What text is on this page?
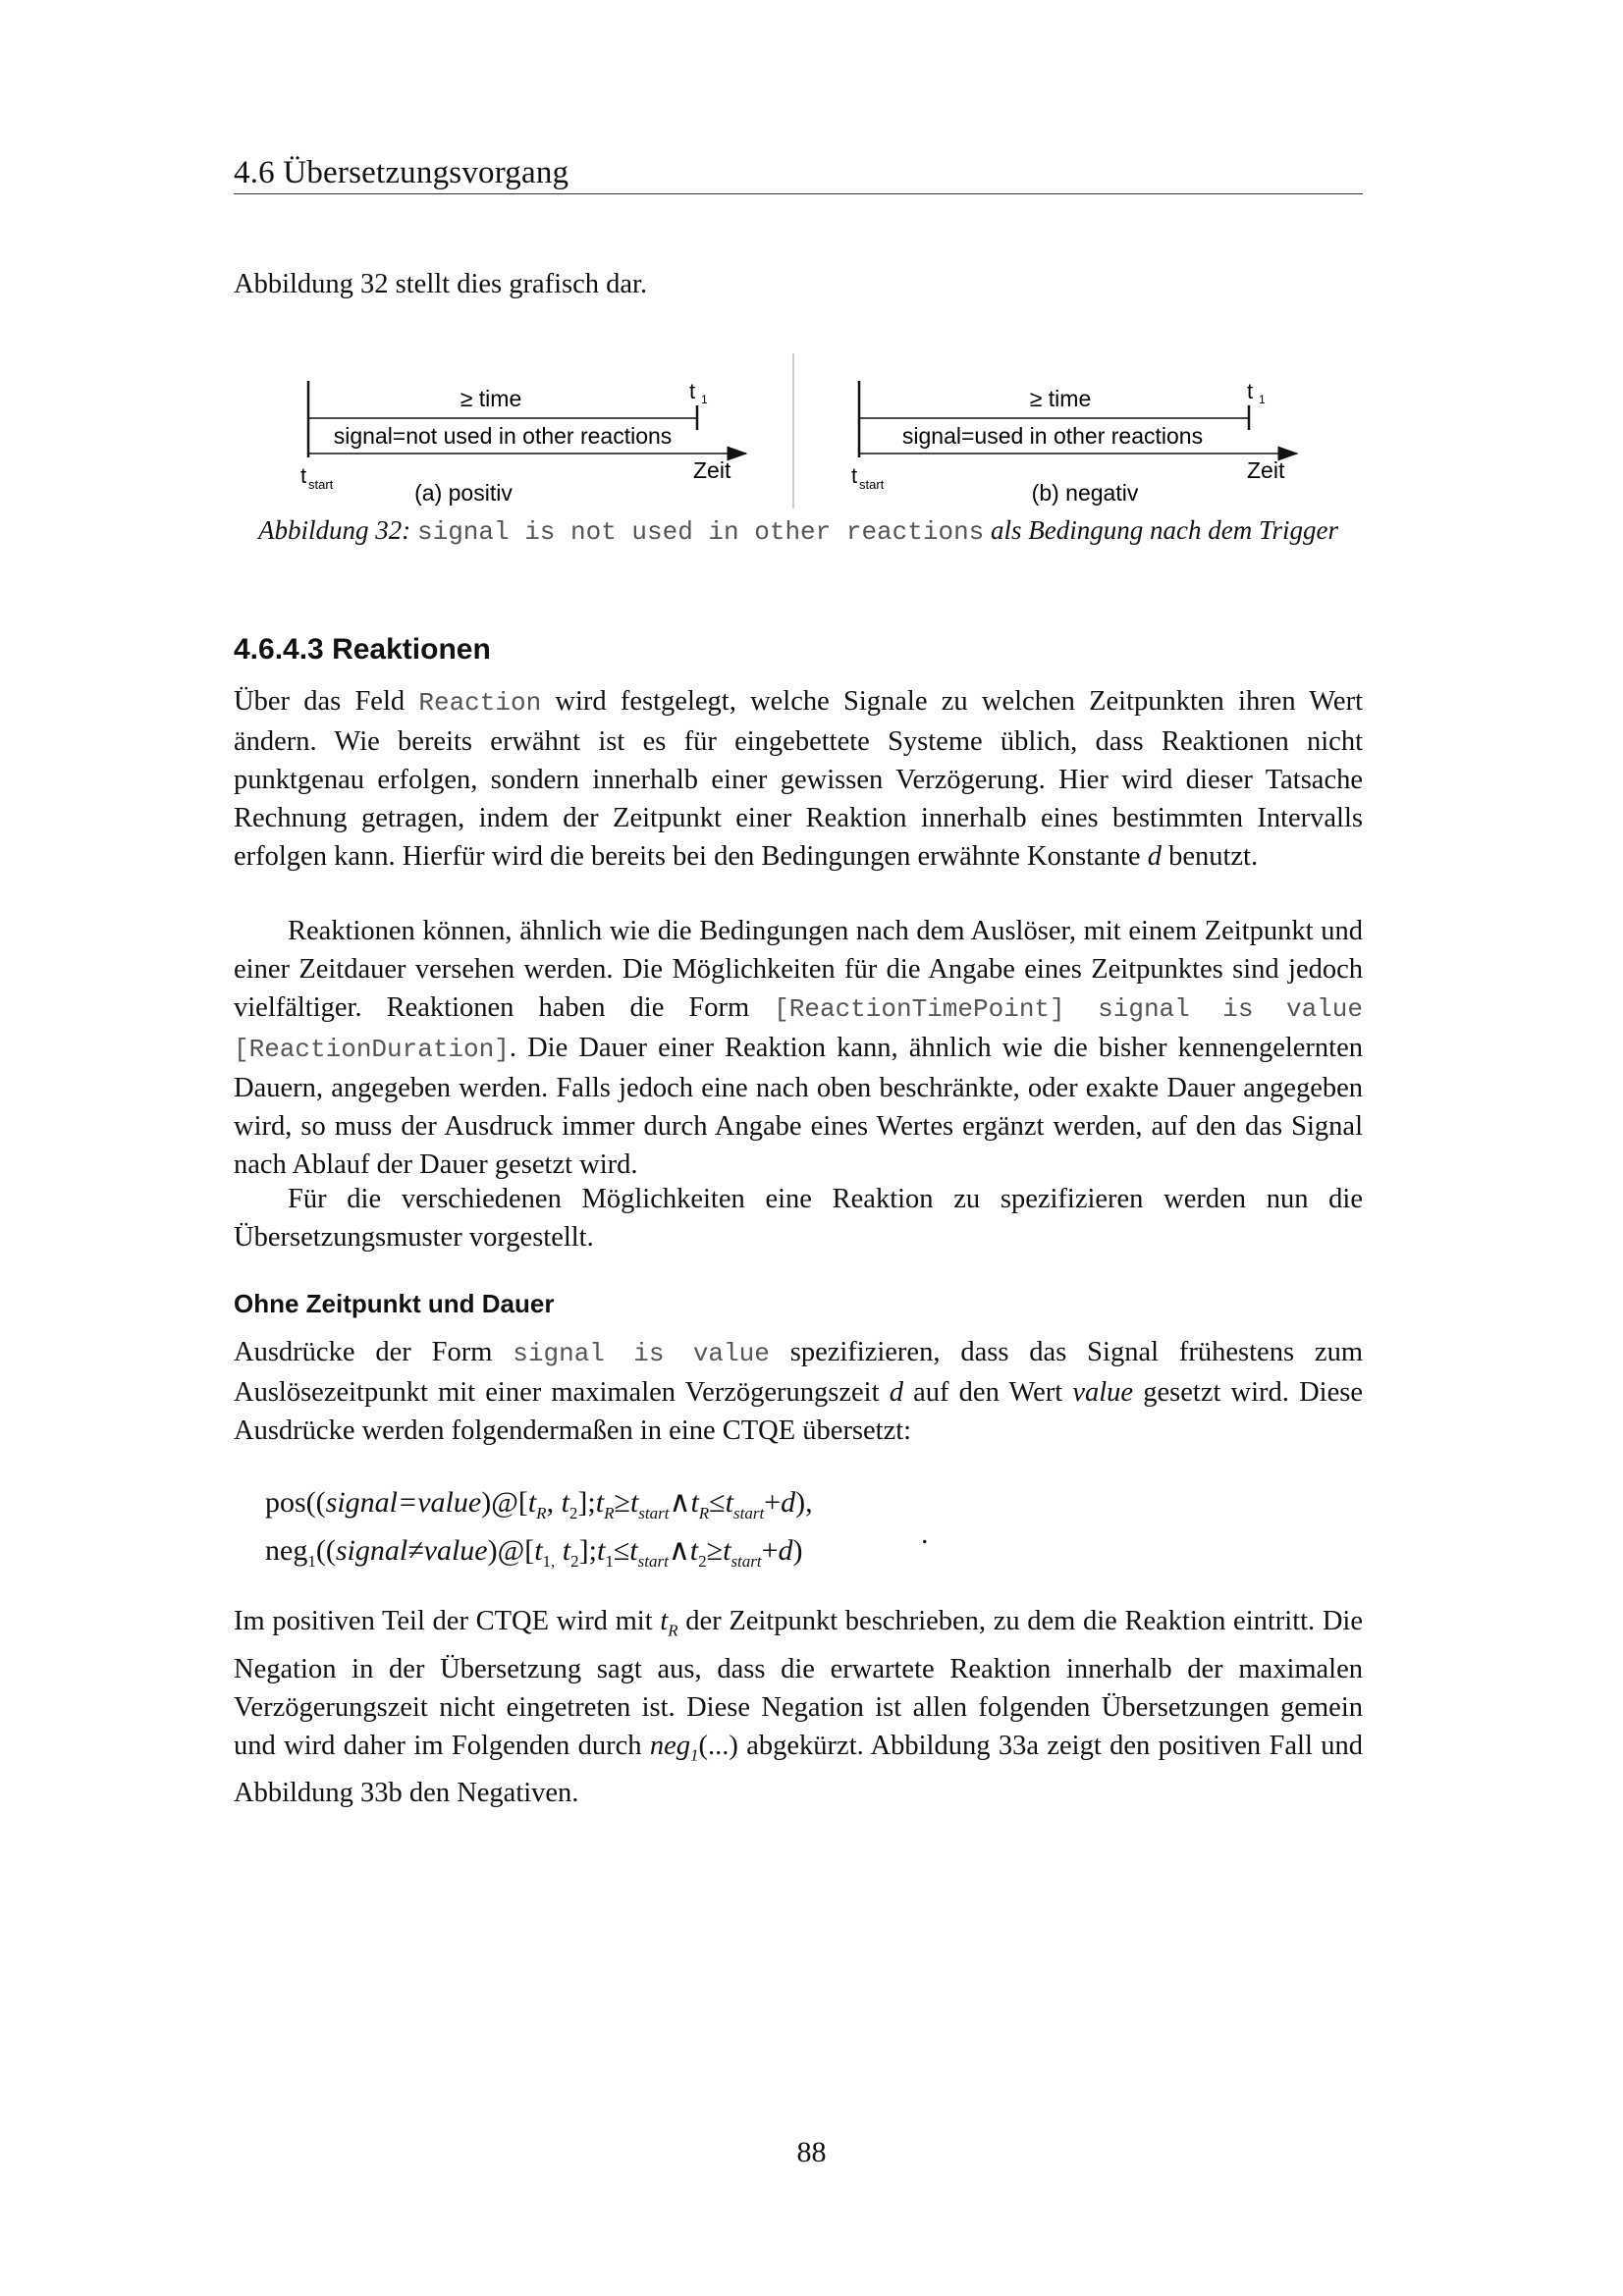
4.6 Übersetzungsvorgang

Abbildung 32 stellt dies grafisch dar.

≥ time
signal=not used in other reactions
t 1
t start
Zeit
(a) positiv
≥ time
signal=used in other reactions
t 1
t start
Zeit
(b) negativ
Abbildung 32: signal is not used in other reactions als Bedingung nach dem Trigger
4.6.4.3 Reaktionen

Über das Feld Reaction wird festgelegt, welche Signale zu welchen Zeitpunkten ihren Wert ändern. Wie bereits erwähnt ist es für eingebettete Systeme üblich, dass Reaktionen nicht punktgenau erfolgen, sondern innerhalb einer gewissen Verzögerung. Hier wird dieser Tatsache Rechnung getragen, indem der Zeitpunkt einer Reaktion innerhalb eines bestimmten Intervalls erfolgen kann. Hierfür wird die bereits bei den Bedingungen erwähnte Konstante d benutzt.

Reaktionen können, ähnlich wie die Bedingungen nach dem Auslöser, mit einem Zeitpunkt und einer Zeitdauer versehen werden. Die Möglichkeiten für die Angabe eines Zeitpunktes sind jedoch vielfältiger. Reaktionen haben die Form [ReactionTimePoint] signal is value [ReactionDuration]. Die Dauer einer Reaktion kann, ähnlich wie die bisher kennengelernten Dauern, angegeben werden. Falls jedoch eine nach oben beschränkte, oder exakte Dauer angegeben wird, so muss der Ausdruck immer durch Angabe eines Wertes ergänzt werden, auf den das Signal nach Ablauf der Dauer gesetzt wird.

Für die verschiedenen Möglichkeiten eine Reaktion zu spezifizieren werden nun die Übersetzungsmuster vorgestellt.

Ohne Zeitpunkt und Dauer

Ausdrücke der Form signal is value spezifizieren, dass das Signal frühestens zum Auslösezeitpunkt mit einer maximalen Verzögerungszeit d auf den Wert value gesetzt wird. Diese Ausdrücke werden folgendermaßen in eine CTQE übersetzt:

$pos((signal=value)@[t_R$, $t_2];t_R\ge t_{start}\wedge t_R\le t_{start}+d$),
$neg_1((signal\ne value)@[t_{1,}$ $t_2];t_1\le t_{start}\wedge t_2\ge t_{start}+d$)
.

Im positiven Teil der CTQE wird mit $t_R$ der Zeitpunkt beschrieben, zu dem die Reaktion eintritt. Die Negation in der Übersetzung sagt aus, dass die erwartete Reaktion innerhalb der maximalen Verzögerungszeit nicht eingetreten ist. Diese Negation ist allen folgenden Übersetzungen gemein und wird daher im Folgenden durch neg$_1$(...) abgekürzt. Abbildung 33a zeigt den positiven Fall und Abbildung 33b den Negativen.

88
